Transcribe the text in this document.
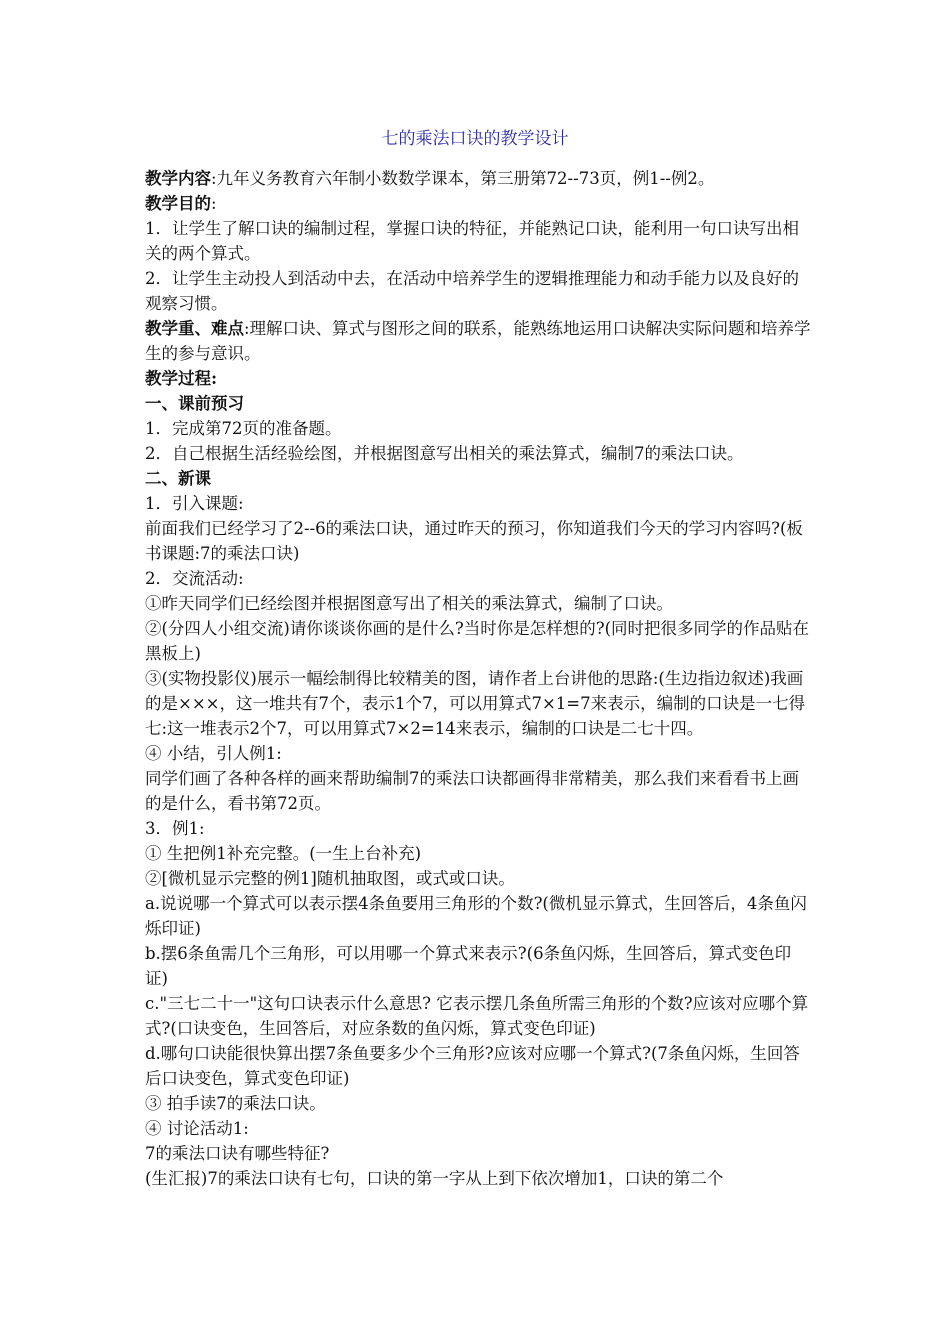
七的乘法口诀的教学设计

教学内容:九年义务教育六年制小数数学课本，第三册第72--73页，例1--例2。

教学目的:

1．让学生了解口诀的编制过程，掌握口诀的特征，并能熟记口诀，能利用一句口诀写出相关的两个算式。

2．让学生主动投人到活动中去，在活动中培养学生的逻辑推理能力和动手能力以及良好的观察习惯。

教学重、难点:理解口诀、算式与图形之间的联系，能熟练地运用口诀解决实际问题和培养学生的参与意识。

教学过程:

一、课前预习

1．完成第72页的准备题。

2．自己根据生活经验绘图，并根据图意写出相关的乘法算式，编制7的乘法口诀。

二、新课

1．引入课题:

前面我们已经学习了2--6的乘法口诀，通过昨天的预习，你知道我们今天的学习内容吗?(板书课题:7的乘法口诀)

2．交流活动:

①昨天同学们已经绘图并根据图意写出了相关的乘法算式，编制了口诀。

②(分四人小组交流)请你谈谈你画的是什么?当时你是怎样想的?(同时把很多同学的作品贴在黑板上)

③(实物投影仪)展示一幅绘制得比较精美的图，请作者上台讲他的思路:(生边指边叙述)我画的是×××，这一堆共有7个，表示1个7，可以用算式7×1=7来表示，编制的口诀是一七得七:这一堆表示2个7，可以用算式7×2=14来表示，编制的口诀是二七十四。

④ 小结，引人例1:

同学们画了各种各样的画来帮助编制7的乘法口诀都画得非常精美，那么我们来看看书上画的是什么，看书第72页。

3．例1:

① 生把例1补充完整。(一生上台补充)

②[微机显示完整的例1]随机抽取图，或式或口诀。

a.说说哪一个算式可以表示摆4条鱼要用三角形的个数?(微机显示算式，生回答后，4条鱼闪烁印证)

b.摆6条鱼需几个三角形，可以用哪一个算式来表示?(6条鱼闪烁，生回答后，算式变色印证)

c."三七二十一"这句口诀表示什么意思? 它表示摆几条鱼所需三角形的个数?应该对应哪个算式?(口诀变色，生回答后，对应条数的鱼闪烁，算式变色印证)

d.哪句口诀能很快算出摆7条鱼要多少个三角形?应该对应哪一个算式?(7条鱼闪烁，生回答后口诀变色，算式变色印证)

③ 拍手读7的乘法口诀。

④ 讨论活动1:

7的乘法口诀有哪些特征?

(生汇报)7的乘法口诀有七句，口诀的第一字从上到下依次增加1，口诀的第二个
